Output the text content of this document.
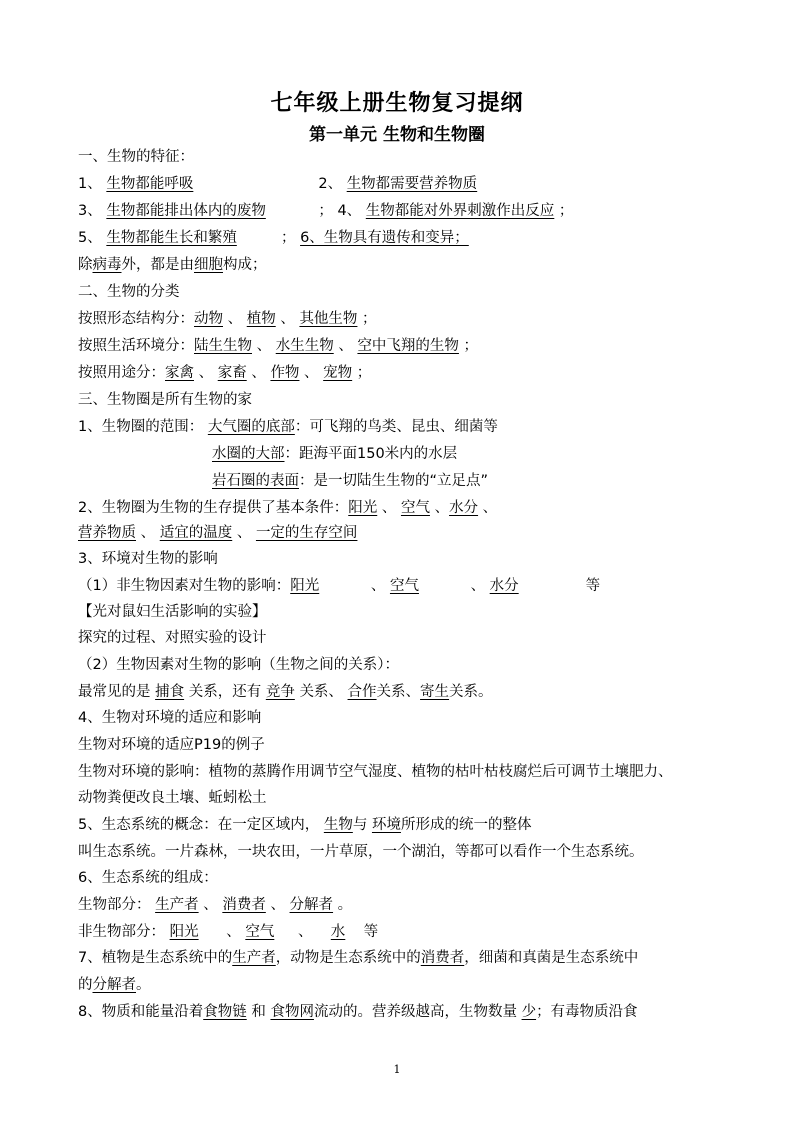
七年级上册生物复习提纲
第一单元 生物和生物圈
一、生物的特征：
1、 生物都能呼吸	2、 生物都需要营养物质
3、 生物都能排出体内的废物	； 4、 生物都能对外界刺激作出反应 ；
5、 生物都能生长和繁殖	； 6、生物具有遗传和变异；
除病毒外，都是由细胞构成；
二、生物的分类
按照形态结构分：动物 、 植物 、 其他生物 ；
按照生活环境分：陆生生物 、 水生生物 、 空中飞翔的生物 ；
按照用途分：家禽 、 家畜 、 作物 、 宠物 ；
三、生物圈是所有生物的家
1、生物圈的范围： 大气圈的底部：可飞翔的鸟类、昆虫、细菌等
水圈的大部：距海平面150米内的水层
岩石圈的表面：是一切陆生生物的“立足点”
2、生物圈为生物的生存提供了基本条件：阳光 、 空气 、水分 、
营养物质 、 适宜的温度 、 一定的生存空间
3、环境对生物的影响
（1）非生物因素对生物的影响：阳光	、 空气	、 水分	等
【光对鼠妇生活影响的实验】
探究的过程、对照实验的设计
（2）生物因素对生物的影响（生物之间的关系）：
最常见的是 捕食 关系，还有 竞争 关系、 合作关系、寄生关系。
4、生物对环境的适应和影响
生物对环境的适应P19的例子
生物对环境的影响：植物的蒸腾作用调节空气湿度、植物的枯叶枯枝腐烂后可调节土壤肥力、
动物粪便改良土壤、蚯蚓松土
5、生态系统的概念：在一定区域内， 生物与 环境所形成的统一的整体
叫生态系统。一片森林，一块农田，一片草原，一个湖泊，等都可以看作一个生态系统。
6、生态系统的组成：
生物部分： 生产者 、 消费者 、 分解者 。
非生物部分： 阳光 、 空气 、 水 等
7、植物是生态系统中的生产者，动物是生态系统中的消费者，细菌和真菌是生态系统中
的分解者。
8、物质和能量沿着食物链 和 食物网流动的。营养级越高，生物数量 少；有毒物质沿食
1
